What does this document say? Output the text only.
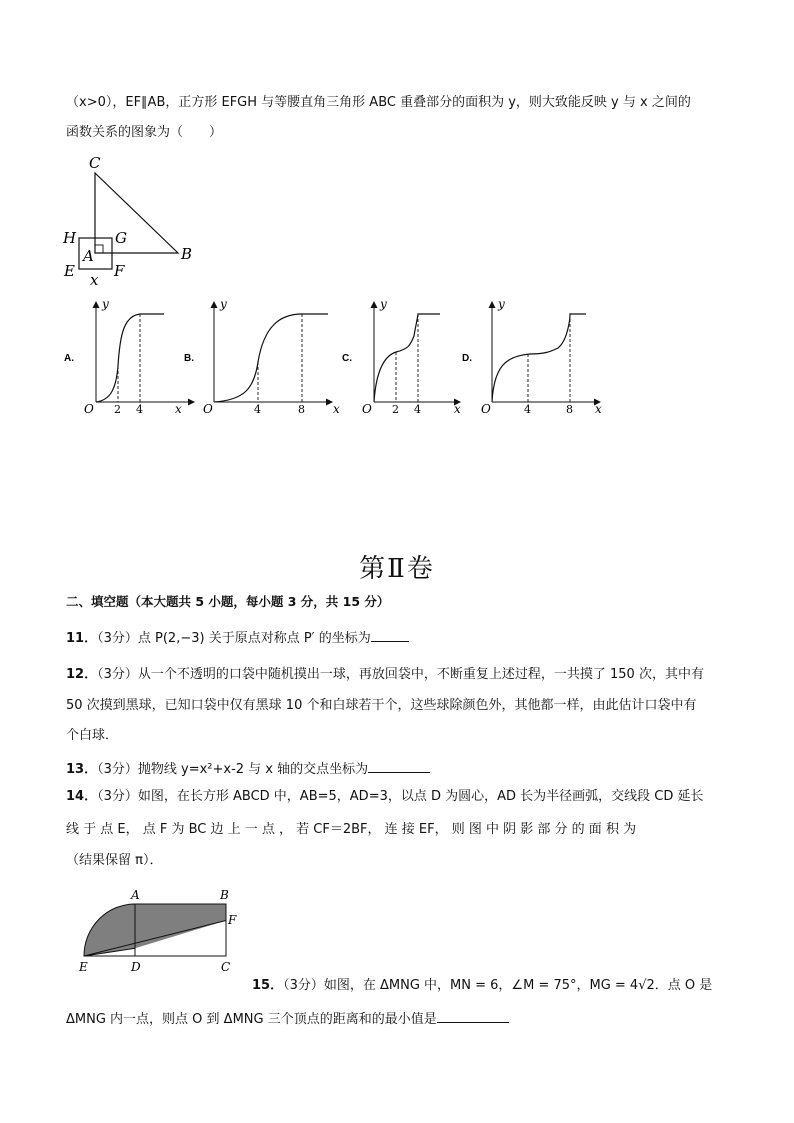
（x>0），EF∥AB，正方形 EFGH 与等腰直角三角形 ABC 重叠部分的面积为 y，则大致能反映 y 与 x 之间的
函数关系的图象为（　　）
C
H	G
A	B
E	F
x
A.
y
O 2 4	x
B.
y
O	4	8 x
C.
y
O 2 4	x
D.
y
O	4	8 x
第Ⅱ卷
二、填空题（本大题共 5 小题，每小题 3 分，共 15 分）
11．（3分）点 P(2,−3) 关于原点对称点 P′ 的坐标为
12．（3分）从一个不透明的口袋中随机摸出一球，再放回袋中，不断重复上述过程，一共摸了 150 次，其中有
50 次摸到黑球，已知口袋中仅有黑球 10 个和白球若干个，这些球除颜色外，其他都一样，由此估计口袋中有
个白球．
13．（3分）抛物线 y=x²+x-2 与 x 轴的交点坐标为
14．（3分）如图，在长方形 ABCD 中，AB=5，AD=3，以点 D 为圆心，AD 长为半径画弧，交线段 CD 延长
线 于 点 E， 点 F 为 BC 边 上 一 点 ， 若 CF＝2BF， 连 接 EF， 则 图 中 阴 影 部 分 的 面 积 为
（结果保留 π）．
A	B
F
E	D	C
15．（3分）如图，在 ΔMNG 中，MN = 6，∠M = 75°，MG = 4√2．点 O 是
ΔMNG 内一点，则点 O 到 ΔMNG 三个顶点的距离和的最小值是
